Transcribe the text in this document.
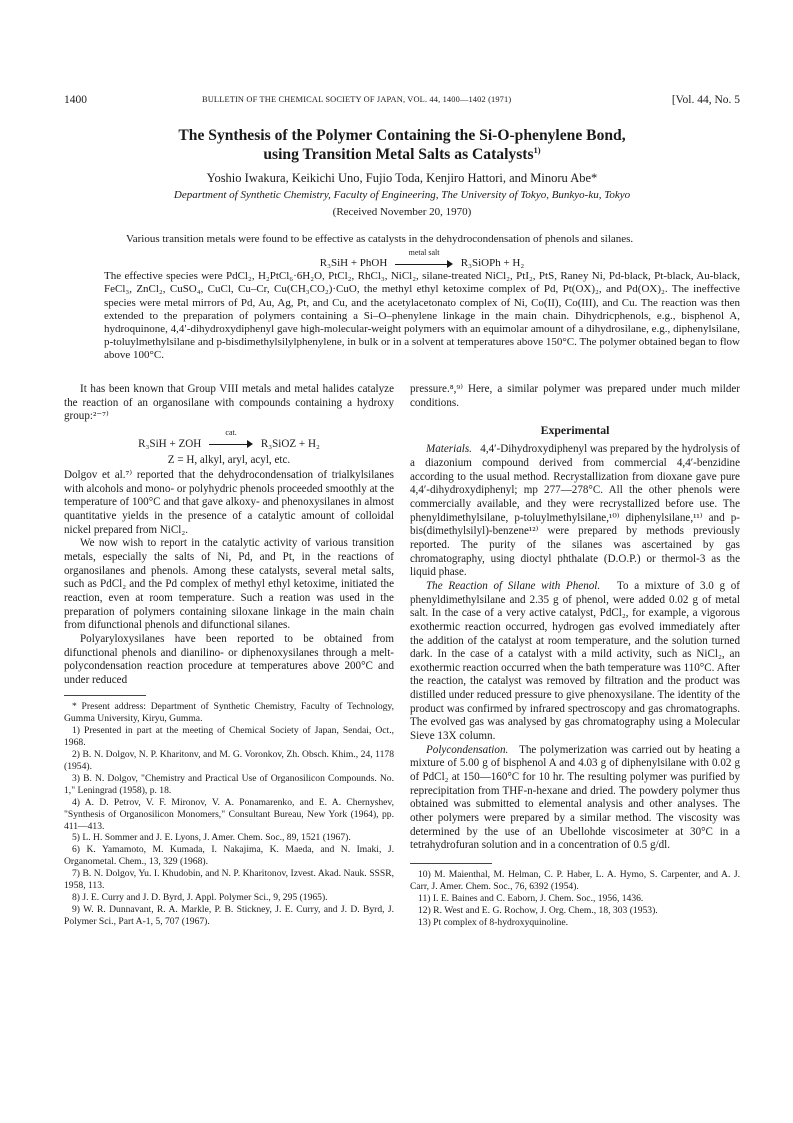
1400	BULLETIN OF THE CHEMICAL SOCIETY OF JAPAN, VOL. 44, 1400—1402 (1971)	[Vol. 44, No. 5
The Synthesis of the Polymer Containing the Si-O-phenylene Bond,
using Transition Metal Salts as Catalysts$^{1)}$
Yoshio Iwakura, Keikichi Uno, Fujio Toda, Kenjiro Hattori, and Minoru Abe*
Department of Synthetic Chemistry, Faculty of Engineering, The University of Tokyo, Bunkyo-ku, Tokyo
(Received November 20, 1970)

Various transition metals were found to be effective as catalysts in the dehydrocondensation of phenols and silanes.

R₃SiH + PhOH
metal salt
R₃SiOPh + H₂

The effective species were PdCl₂, H₂PtCl₆·6H₂O, PtCl₂, RhCl₃, NiCl₂, silane-treated NiCl₂, PtI₂, PtS, Raney Ni, Pd-black, Pt-black, Au-black, FeCl₃, ZnCl₂, CuSO₄, CuCl, Cu–Cr, Cu(CH₃CO₂)·CuO, the methyl ethyl ketoxime complex of Pd, Pt(OX)₂, and Pd(OX)₂. The ineffective species were metal mirrors of Pd, Au, Ag, Pt, and Cu, and the acetylacetonato complex of Ni, Co(II), Co(III), and Cu. The reaction was then extended to the preparation of polymers containing a Si–O–phenylene linkage in the main chain. Dihydricphenols, e.g., bisphenol A, hydroquinone, 4,4′-dihydroxydiphenyl gave high-molecular-weight polymers with an equimolar amount of a dihydrosilane, e.g., diphenylsilane, p-toluylmethylsilane and p-bisdimethylsilylphenylene, in bulk or in a solvent at temperatures above 150°C. The polymer obtained began to flow above 100°C.

It has been known that Group VIII metals and metal halides catalyze the reaction of an organosilane with compounds containing a hydroxy group:²⁻⁷⁾

R₃SiH + ZOH
cat.
R₃SiOZ + H₂
Z = H, alkyl, aryl, acyl, etc.

Dolgov et al.⁷⁾ reported that the dehydrocondensation of trialkylsilanes with alcohols and mono- or polyhydric phenols proceeded smoothly at the temperature of 100°C and that gave alkoxy- and phenoxysilanes in almost quantitative yields in the presence of a catalytic amount of colloidal nickel prepared from NiCl₂.

We now wish to report in the catalytic activity of various transition metals, especially the salts of Ni, Pd, and Pt, in the reactions of organosilanes and phenols. Among these catalysts, several metal salts, such as PdCl₂ and the Pd complex of methyl ethyl ketoxime, initiated the reaction, even at room temperature. Such a reation was used in the preparation of polymers containing siloxane linkage in the main chain from difunctional phenols and difunctional silanes.

Polyaryloxysilanes have been reported to be obtained from difunctional phenols and dianilino- or diphenoxysilanes through a melt-polycondensation reaction procedure at temperatures above 200°C and under reduced

* Present address: Department of Synthetic Chemistry, Faculty of Technology, Gumma University, Kiryu, Gumma.

1) Presented in part at the meeting of Chemical Society of Japan, Sendai, Oct., 1968.

2) B. N. Dolgov, N. P. Kharitonv, and M. G. Voronkov, Zh. Obsch. Khim., 24, 1178 (1954).

3) B. N. Dolgov, "Chemistry and Practical Use of Organosilicon Compounds. No. 1," Leningrad (1958), p. 18.

4) A. D. Petrov, V. F. Mironov, V. A. Ponamarenko, and E. A. Chernyshev, "Synthesis of Organosilicon Monomers," Consultant Bureau, New York (1964), pp. 411—413.

5) L. H. Sommer and J. E. Lyons, J. Amer. Chem. Soc., 89, 1521 (1967).

6) K. Yamamoto, M. Kumada, I. Nakajima, K. Maeda, and N. Imaki, J. Organometal. Chem., 13, 329 (1968).

7) B. N. Dolgov, Yu. I. Khudobin, and N. P. Kharitonov, Izvest. Akad. Nauk. SSSR, 1958, 113.

8) J. E. Curry and J. D. Byrd, J. Appl. Polymer Sci., 9, 295 (1965).

9) W. R. Dunnavant, R. A. Markle, P. B. Stickney, J. E. Curry, and J. D. Byrd, J. Polymer Sci., Part A-1, 5, 707 (1967).

pressure.⁸,⁹⁾ Here, a similar polymer was prepared under much milder conditions.

Experimental

Materials. 4,4′-Dihydroxydiphenyl was prepared by the hydrolysis of a diazonium compound derived from commercial 4,4′-benzidine according to the usual method. Recrystallization from dioxane gave pure 4,4′-dihydroxydiphenyl; mp 277—278°C. All the other phenols were commercially available, and they were recrystallized before use. The phenyldimethylsilane, p-toluylmethylsilane,¹⁰⁾ diphenylsilane,¹¹⁾ and p-bis(dimethylsilyl)-benzene¹²⁾ were prepared by methods previously reported. The purity of the silanes was ascertained by gas chromatography, using dioctyl phthalate (D.O.P.) or thermol-3 as the liquid phase.

The Reaction of Silane with Phenol. To a mixture of 3.0 g of phenyldimethylsilane and 2.35 g of phenol, were added 0.02 g of metal salt. In the case of a very active catalyst, PdCl₂, for example, a vigorous exothermic reaction occurred, hydrogen gas evolved immediately after the addition of the catalyst at room temperature, and the solution turned dark. In the case of a catalyst with a mild activity, such as NiCl₂, an exothermic reaction occurred when the bath temperature was 110°C. After the reaction, the catalyst was removed by filtration and the product was distilled under reduced pressure to give phenoxysilane. The identity of the product was confirmed by infrared spectroscopy and gas chromatographs. The evolved gas was analysed by gas chromatography using a Molecular Sieve 13X column.

Polycondensation. The polymerization was carried out by heating a mixture of 5.00 g of bisphenol A and 4.03 g of diphenylsilane with 0.02 g of PdCl₂ at 150—160°C for 10 hr. The resulting polymer was purified by reprecipitation from THF-n-hexane and dried. The powdery polymer thus obtained was submitted to elemental analysis and other analyses. The other polymers were prepared by a similar method. The viscosity was determined by the use of an Ubellohde viscosimeter at 30°C in a tetrahydrofuran solution and in a concentration of 0.5 g/dl.

10) M. Maienthal, M. Helman, C. P. Haber, L. A. Hymo, S. Carpenter, and A. J. Carr, J. Amer. Chem. Soc., 76, 6392 (1954).

11) I. E. Baines and C. Eaborn, J. Chem. Soc., 1956, 1436.

12) R. West and E. G. Rochow, J. Org. Chem., 18, 303 (1953).

13) Pt complex of 8-hydroxyquinoline.
